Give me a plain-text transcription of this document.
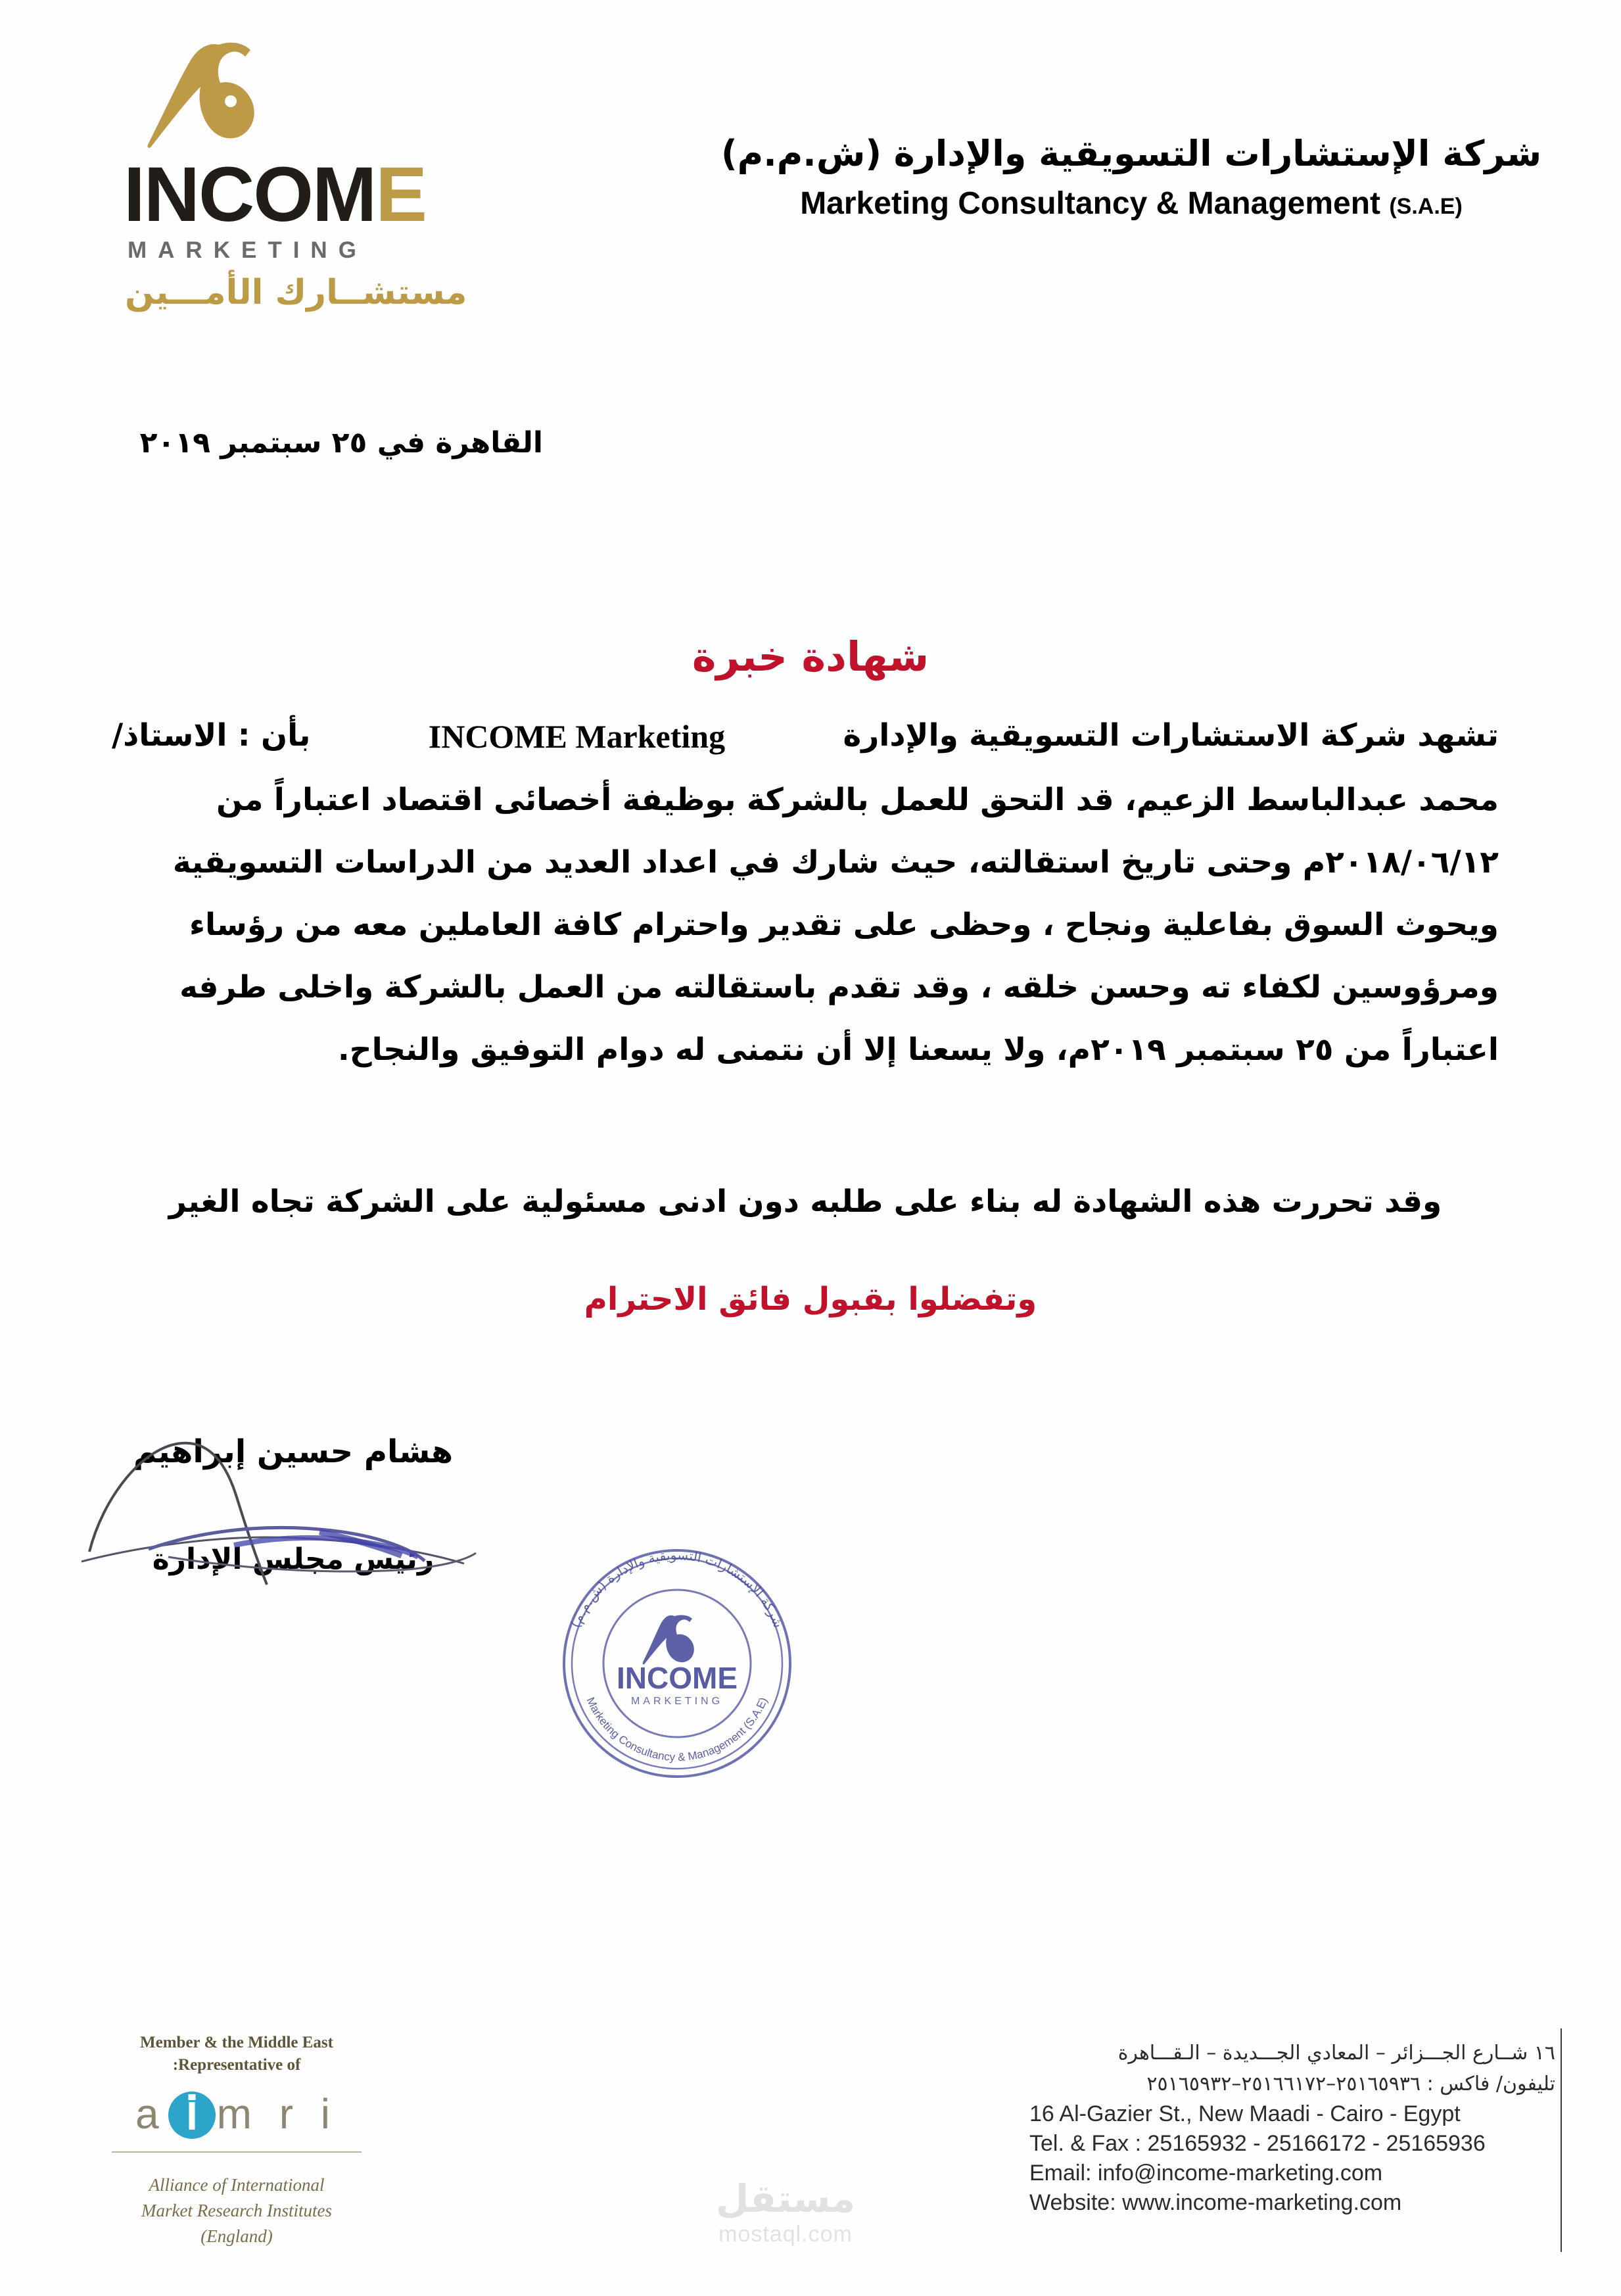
INCOME
MARKETING
مستشــارك الأمـــين
شركة الإستشارات التسويقية والإدارة (ش.م.م)
Marketing Consultancy & Management (S.A.E)
القاهرة في ٢٥ سبتمبر ٢٠١٩
شهادة خبرة
تشهد شركة الاستشارات التسويقية والإدارة
INCOME Marketing
بأن : الاستاذ/
محمد عبدالباسط الزعيم، قد التحق للعمل بالشركة بوظيفة أخصائى اقتصاد اعتباراً من
٢٠١٨/٠٦/١٢م وحتى تاريخ استقالته، حيث شارك في اعداد العديد من الدراسات التسويقية
ويحوث السوق بفاعلية ونجاح ، وحظى على تقدير واحترام كافة العاملين معه من رؤساء
ومرؤوسين لكفاء ته وحسن خلقه ، وقد تقدم باستقالته من العمل بالشركة واخلى طرفه
اعتباراً من ٢٥ سبتمبر ٢٠١٩م، ولا يسعنا إلا أن نتمنى له دوام التوفيق والنجاح.
وقد تحررت هذه الشهادة له بناء على طلبه دون ادنى مسئولية على الشركة تجاه الغير
وتفضلوا بقبول فائق الاحترام
هشام حسين إبراهيم
رئيس مجلس الإدارة
شركة الإستشارات التسويقية والإدارة (ش.م.م)
Marketing Consultancy & Management (S.A.E)
INCOME
MARKETING
Member & the Middle East
Representative of:
a m r i
Alliance of International
Market Research Institutes
(England)
١٦ شــارع الجـــزائر – المعادي الجـــديدة – الـقـــاهرة
تليفون/ فاكس : ٢٥١٦٥٩٣٦–٢٥١٦٦١٧٢–٢٥١٦٥٩٣٢
16 Al-Gazier St., New Maadi - Cairo - Egypt
Tel. & Fax : 25165932 - 25166172 - 25165936
Email: info@income-marketing.com
Website: www.income-marketing.com
مستقل
mostaql.com
